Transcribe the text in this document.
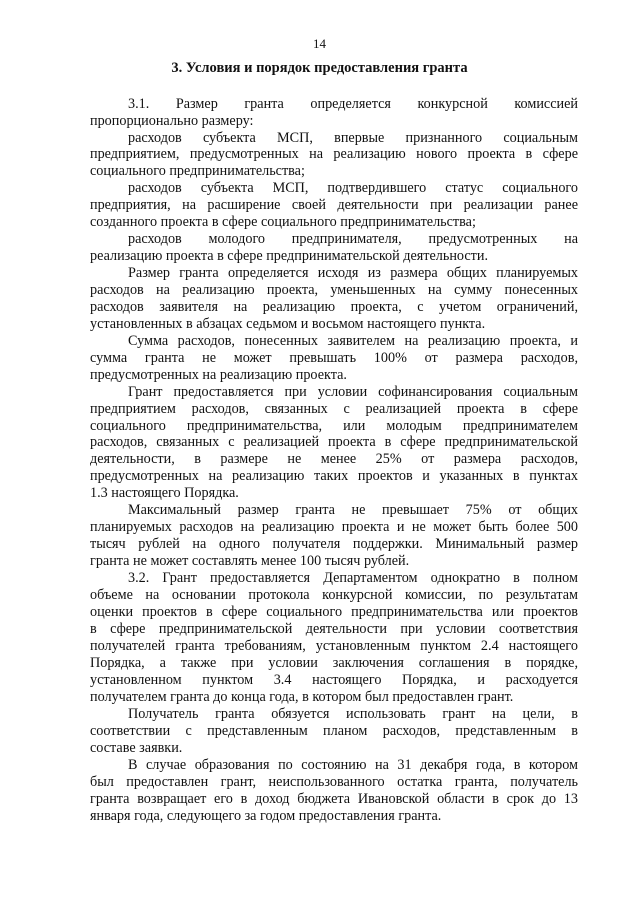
14
3. Условия и порядок предоставления гранта
3.1. Размер гранта определяется конкурсной комиссией
пропорционально размеру:
расходов субъекта МСП, впервые признанного социальным
предприятием, предусмотренных на реализацию нового проекта в сфере
социального предпринимательства;
расходов субъекта МСП, подтвердившего статус социального
предприятия, на расширение своей деятельности при реализации ранее
созданного проекта в сфере социального предпринимательства;
расходов молодого предпринимателя, предусмотренных на
реализацию проекта в сфере предпринимательской деятельности.
Размер гранта определяется исходя из размера общих планируемых
расходов на реализацию проекта, уменьшенных на сумму понесенных
расходов заявителя на реализацию проекта, с учетом ограничений,
установленных в абзацах седьмом и восьмом настоящего пункта.
Сумма расходов, понесенных заявителем на реализацию проекта, и
сумма гранта не может превышать 100% от размера расходов,
предусмотренных на реализацию проекта.
Грант предоставляется при условии софинансирования социальным
предприятием расходов, связанных с реализацией проекта в сфере
социального предпринимательства, или молодым предпринимателем
расходов, связанных с реализацией проекта в сфере предпринимательской
деятельности, в размере не менее 25% от размера расходов,
предусмотренных на реализацию таких проектов и указанных в пунктах
1.3 настоящего Порядка.
Максимальный размер гранта не превышает 75% от общих
планируемых расходов на реализацию проекта и не может быть более 500
тысяч рублей на одного получателя поддержки. Минимальный размер
гранта не может составлять менее 100 тысяч рублей.
3.2. Грант предоставляется Департаментом однократно в полном
объеме на основании протокола конкурсной комиссии, по результатам
оценки проектов в сфере социального предпринимательства или проектов
в сфере предпринимательской деятельности при условии соответствия
получателей гранта требованиям, установленным пунктом 2.4 настоящего
Порядка, а также при условии заключения соглашения в порядке,
установленном пунктом 3.4 настоящего Порядка, и расходуется
получателем гранта до конца года, в котором был предоставлен грант.
Получатель гранта обязуется использовать грант на цели, в
соответствии с представленным планом расходов, представленным в
составе заявки.
В случае образования по состоянию на 31 декабря года, в котором
был предоставлен грант, неиспользованного остатка гранта, получатель
гранта возвращает его в доход бюджета Ивановской области в срок до 13
января года, следующего за годом предоставления гранта.
